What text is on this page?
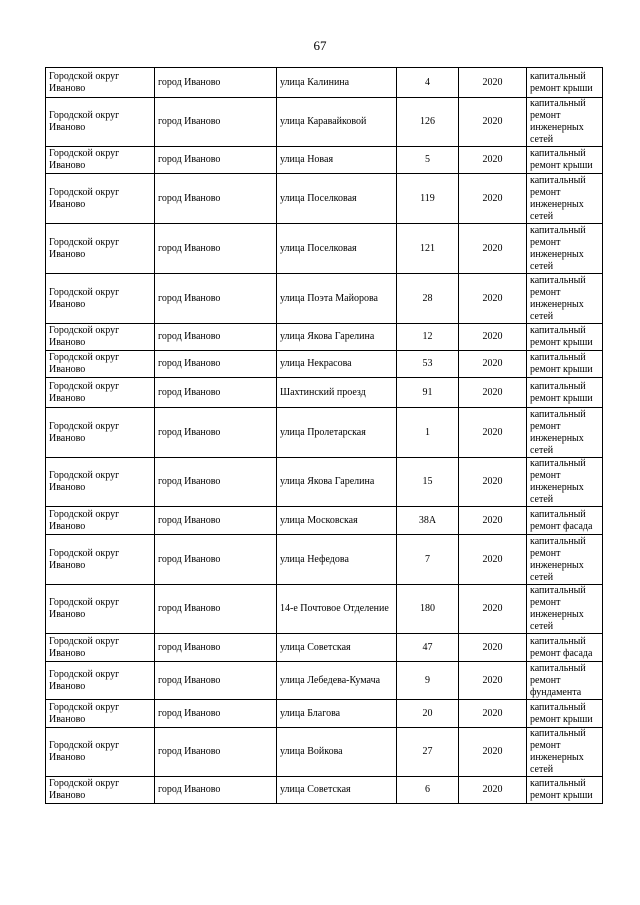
67
Городской округ Иваново	город Иваново	улица Калинина	4	2020	капитальный ремонт крыши
Городской округ Иваново	город Иваново	улица Каравайковой	126	2020	капитальный ремонт инженерных сетей
Городской округ Иваново	город Иваново	улица Новая	5	2020	капитальный ремонт крыши
Городской округ Иваново	город Иваново	улица Поселковая	119	2020	капитальный ремонт инженерных сетей
Городской округ Иваново	город Иваново	улица Поселковая	121	2020	капитальный ремонт инженерных сетей
Городской округ Иваново	город Иваново	улица Поэта Майорова	28	2020	капитальный ремонт инженерных сетей
Городской округ Иваново	город Иваново	улица Якова Гарелина	12	2020	капитальный ремонт крыши
Городской округ Иваново	город Иваново	улица Некрасова	53	2020	капитальный ремонт крыши
Городской округ Иваново	город Иваново	Шахтинский проезд	91	2020	капитальный ремонт крыши
Городской округ Иваново	город Иваново	улица Пролетарская	1	2020	капитальный ремонт инженерных сетей
Городской округ Иваново	город Иваново	улица Якова Гарелина	15	2020	капитальный ремонт инженерных сетей
Городской округ Иваново	город Иваново	улица Московская	38А	2020	капитальный ремонт фасада
Городской округ Иваново	город Иваново	улица Нефедова	7	2020	капитальный ремонт инженерных сетей
Городской округ Иваново	город Иваново	14-е Почтовое Отделение	180	2020	капитальный ремонт инженерных сетей
Городской округ Иваново	город Иваново	улица Советская	47	2020	капитальный ремонт фасада
Городской округ Иваново	город Иваново	улица Лебедева-Кумача	9	2020	капитальный ремонт фундамента
Городской округ Иваново	город Иваново	улица Благова	20	2020	капитальный ремонт крыши
Городской округ Иваново	город Иваново	улица Войкова	27	2020	капитальный ремонт инженерных сетей
Городской округ Иваново	город Иваново	улица Советская	6	2020	капитальный ремонт крыши
